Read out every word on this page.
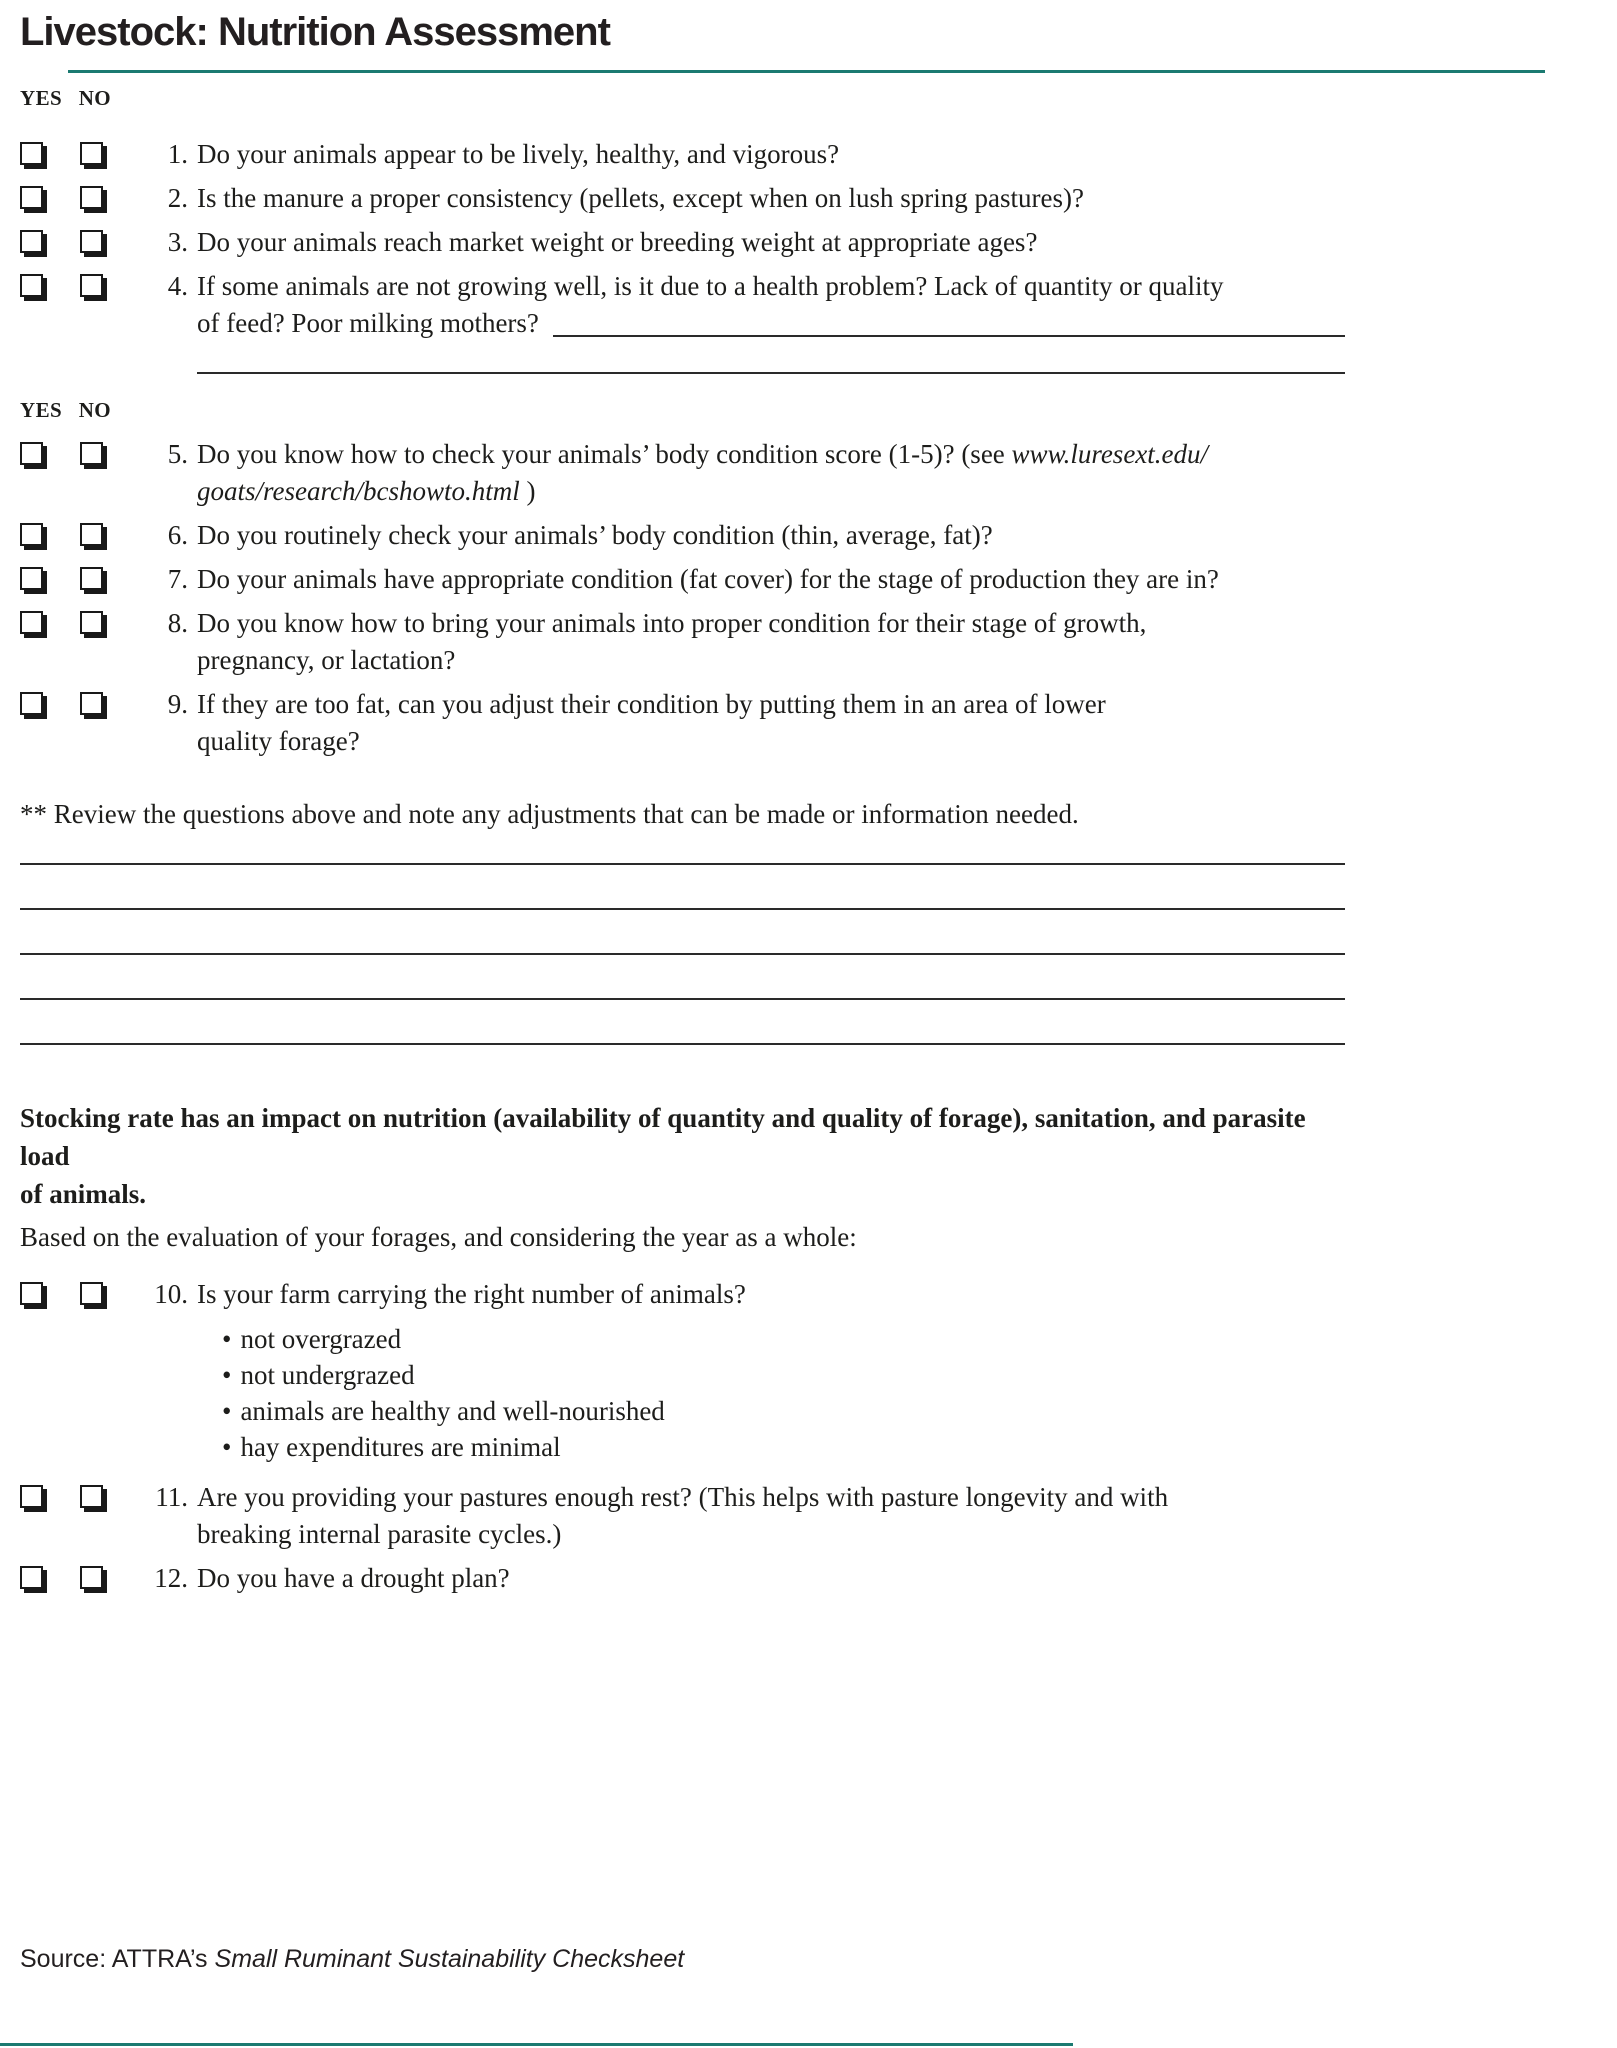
Livestock: Nutrition Assessment
YES NO
1. Do your animals appear to be lively, healthy, and vigorous?
2. Is the manure a proper consistency (pellets, except when on lush spring pastures)?
3. Do your animals reach market weight or breeding weight at appropriate ages?
4. If some animals are not growing well, is it due to a health problem? Lack of quantity or quality
of feed? Poor milking mothers?
YES NO
5. Do you know how to check your animals’ body condition score (1-5)? (see www.luresext.edu/
goats/research/bcshowto.html )
6. Do you routinely check your animals’ body condition (thin, average, fat)?
7. Do your animals have appropriate condition (fat cover) for the stage of production they are in?
8. Do you know how to bring your animals into proper condition for their stage of growth,
pregnancy, or lactation?
9. If they are too fat, can you adjust their condition by putting them in an area of lower
quality forage?
** Review the questions above and note any adjustments that can be made or information needed.
Stocking rate has an impact on nutrition (availability of quantity and quality of forage), sanitation, and parasite load
of animals.
Based on the evaluation of your forages, and considering the year as a whole:
10. Is your farm carrying the right number of animals?
• not overgrazed
• not undergrazed
• animals are healthy and well-nourished
• hay expenditures are minimal
11. Are you providing your pastures enough rest? (This helps with pasture longevity and with
breaking internal parasite cycles.)
12. Do you have a drought plan?
Source: ATTRA’s Small Ruminant Sustainability Checksheet
